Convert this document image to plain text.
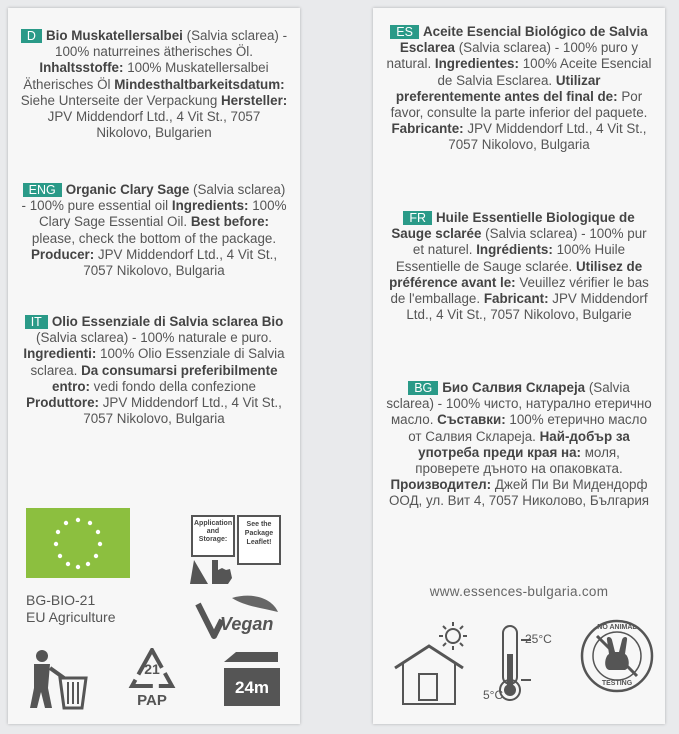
D Bio Muskatellersalbei (Salvia sclarea) - 100% naturreines ätherisches Öl. Inhaltsstoffe: 100% Muskatellersalbei Ätherisches Öl Mindesthaltbarkeitsdatum: Siehe Unterseite der Verpackung Hersteller: JPV Middendorf Ltd., 4 Vit St., 7057 Nikolovo, Bulgarien
ENG Organic Clary Sage (Salvia sclarea) - 100% pure essential oil Ingredients: 100% Clary Sage Essential Oil. Best before: please, check the bottom of the package. Producer: JPV Middendorf Ltd., 4 Vit St., 7057 Nikolovo, Bulgaria
IT Olio Essenziale di Salvia sclarea Bio (Salvia sclarea) - 100% naturale e puro. Ingredienti: 100% Olio Essenziale di Salvia sclarea. Da consumarsi preferibilmente entro: vedi fondo della confezione Produttore: JPV Middendorf Ltd., 4 Vit St., 7057 Nikolovo, Bulgaria
BG-BIO-21
EU Agriculture
Application and Storage:
See the Package Leaflet!
Vegan
21
PAP
24m
ES Aceite Esencial Biológico de Salvia Esclarea (Salvia sclarea) - 100% puro y natural. Ingredientes: 100% Aceite Esencial de Salvia Esclarea. Utilizar preferentemente antes del final de: Por favor, consulte la parte inferior del paquete. Fabricante: JPV Middendorf Ltd., 4 Vit St., 7057 Nikolovo, Bulgaria
FR Huile Essentielle Biologique de Sauge sclarée (Salvia sclarea) - 100% pur et naturel. Ingrédients: 100% Huile Essentielle de Sauge sclarée. Utilisez de préférence avant le: Veuillez vérifier le bas de l'emballage. Fabricant: JPV Middendorf Ltd., 4 Vit St., 7057 Nikolovo, Bulgarie
BG Био Салвия Склареја (Salvia sclarea) - 100% чисто, натурално етерично масло. Съставки: 100% етерично масло от Салвия Склареја. Най-добър за употреба преди края на: моля, проверете дъното на опаковката. Производител: Джей Пи Ви Мидендорф ООД, ул. Вит 4, 7057 Николово, България
www.essences-bulgaria.com
25°C
5°C
NO ANIMAL
TESTING
